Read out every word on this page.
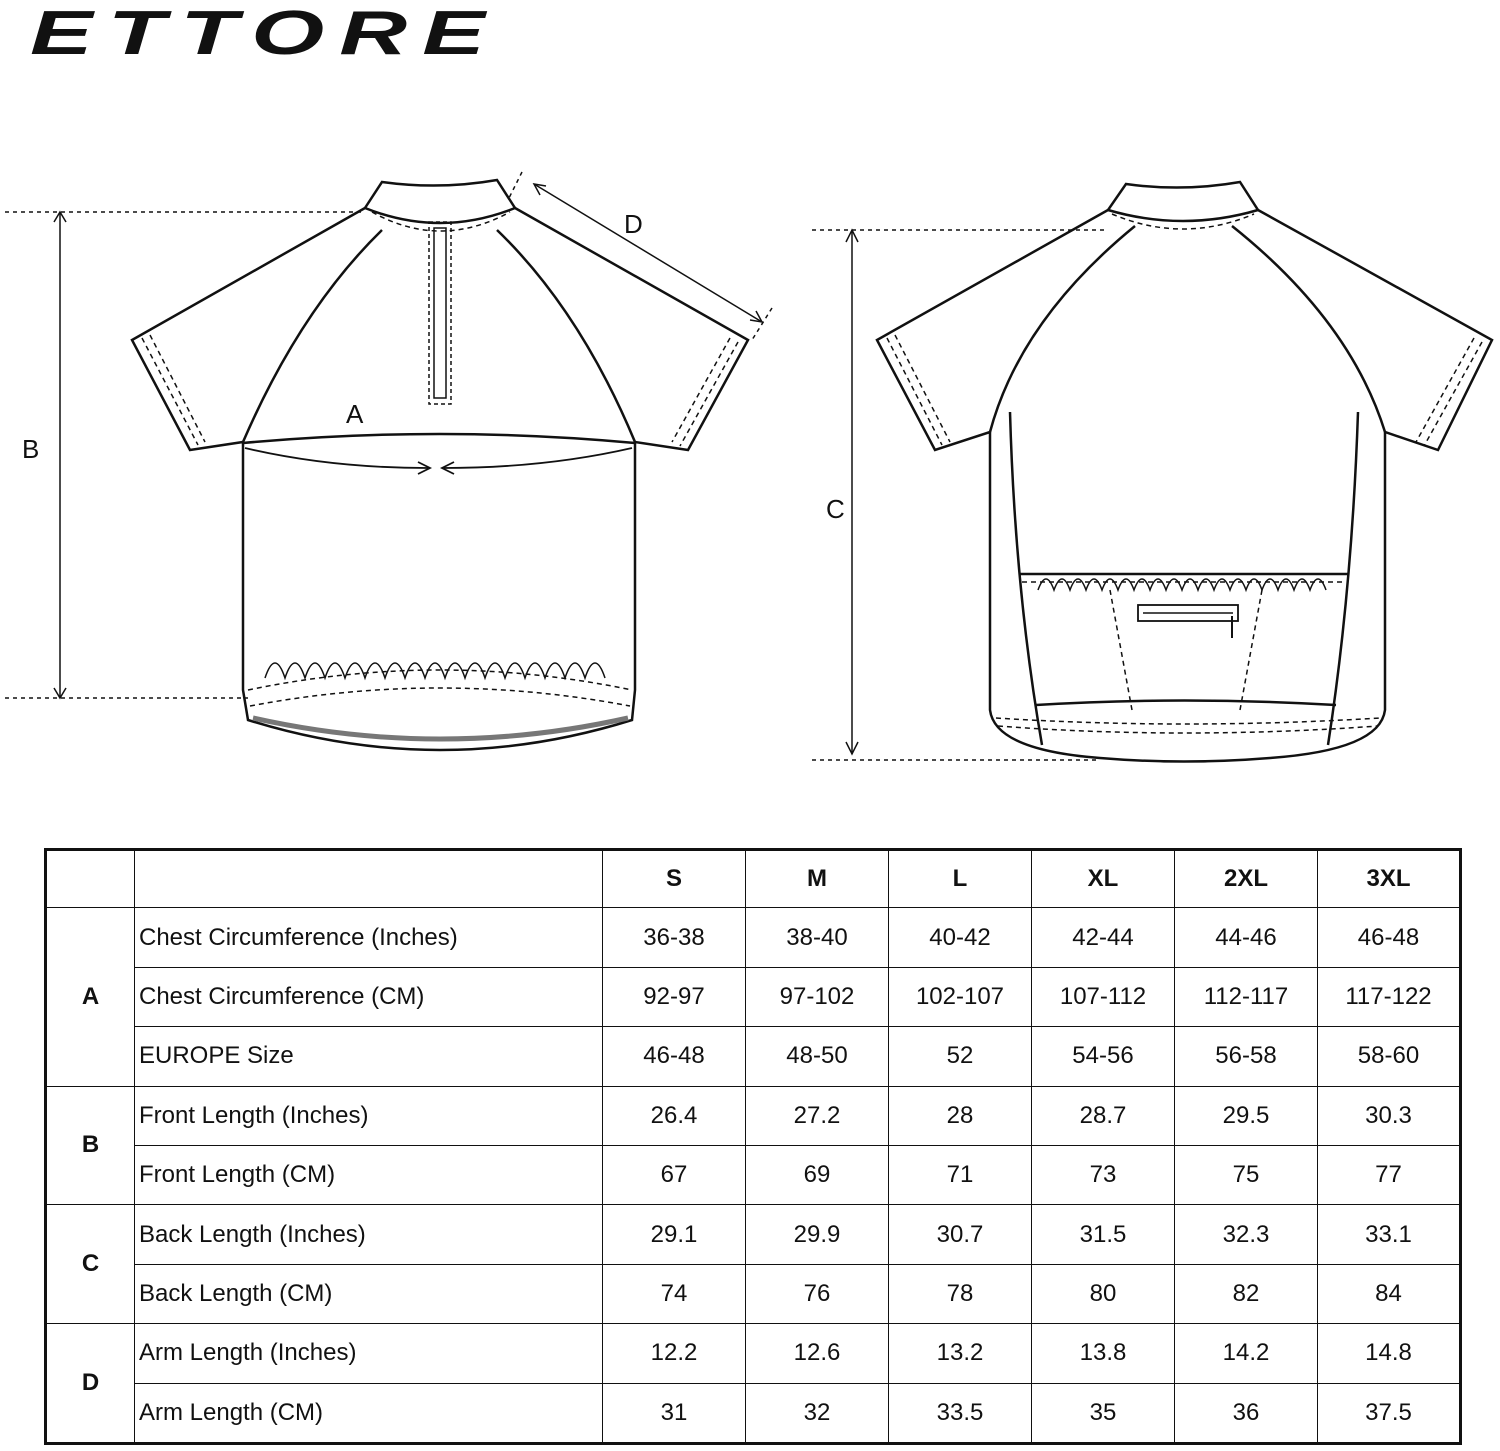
ETTORE
A
B
C
D
		S	M	L	XL	2XL	3XL
A	Chest Circumference (Inches)	36-38	38-40	40-42	42-44	44-46	46-48
	Chest Circumference (CM)	92-97	97-102	102-107	107-112	112-117	117-122
	EUROPE Size	46-48	48-50	52	54-56	56-58	58-60
B	Front Length (Inches)	26.4	27.2	28	28.7	29.5	30.3
	Front Length (CM)	67	69	71	73	75	77
C	Back Length (Inches)	29.1	29.9	30.7	31.5	32.3	33.1
	Back Length (CM)	74	76	78	80	82	84
D	Arm Length (Inches)	12.2	12.6	13.2	13.8	14.2	14.8
	Arm Length (CM)	31	32	33.5	35	36	37.5
